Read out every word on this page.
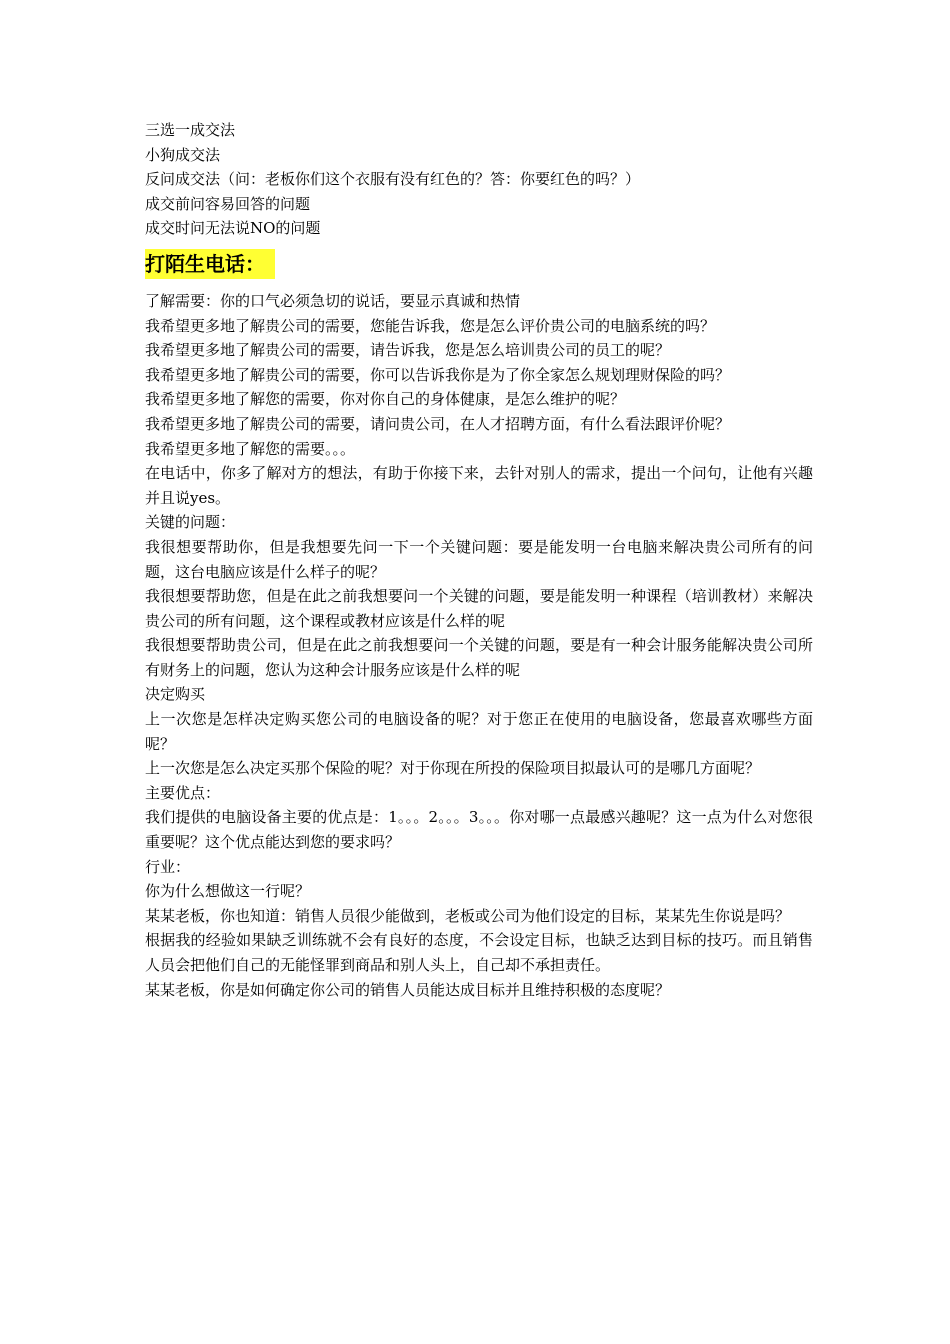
三选一成交法

小狗成交法

反问成交法（问：老板你们这个衣服有没有红色的？答：你要红色的吗？）

成交前问容易回答的问题

成交时问无法说NO的问题

打陌生电话：

了解需要：你的口气必须急切的说话，要显示真诚和热情

我希望更多地了解贵公司的需要，您能告诉我，您是怎么评价贵公司的电脑系统的吗？

我希望更多地了解贵公司的需要，请告诉我，您是怎么培训贵公司的员工的呢？

我希望更多地了解贵公司的需要，你可以告诉我你是为了你全家怎么规划理财保险的吗？

我希望更多地了解您的需要，你对你自己的身体健康，是怎么维护的呢？

我希望更多地了解贵公司的需要，请问贵公司，在人才招聘方面，有什么看法跟评价呢？

我希望更多地了解您的需要。。。

在电话中，你多了解对方的想法，有助于你接下来，去针对别人的需求，提出一个问句，让他有兴趣并且说yes。

关键的问题：

我很想要帮助你，但是我想要先问一下一个关键问题：要是能发明一台电脑来解决贵公司所有的问题，这台电脑应该是什么样子的呢？

我很想要帮助您，但是在此之前我想要问一个关键的问题，要是能发明一种课程（培训教材）来解决贵公司的所有问题，这个课程或教材应该是什么样的呢

我很想要帮助贵公司，但是在此之前我想要问一个关键的问题，要是有一种会计服务能解决贵公司所有财务上的问题，您认为这种会计服务应该是什么样的呢

决定购买

上一次您是怎样决定购买您公司的电脑设备的呢？对于您正在使用的电脑设备，您最喜欢哪些方面呢？

上一次您是怎么决定买那个保险的呢？对于你现在所投的保险项目拟最认可的是哪几方面呢？

主要优点：

我们提供的电脑设备主要的优点是：1。。。2。。。3。。。你对哪一点最感兴趣呢？这一点为什么对您很重要呢？这个优点能达到您的要求吗？

行业：

你为什么想做这一行呢？

某某老板，你也知道：销售人员很少能做到，老板或公司为他们设定的目标，某某先生你说是吗？

根据我的经验如果缺乏训练就不会有良好的态度，不会设定目标，也缺乏达到目标的技巧。而且销售人员会把他们自己的无能怪罪到商品和别人头上，自己却不承担责任。

某某老板，你是如何确定你公司的销售人员能达成目标并且维持积极的态度呢？
